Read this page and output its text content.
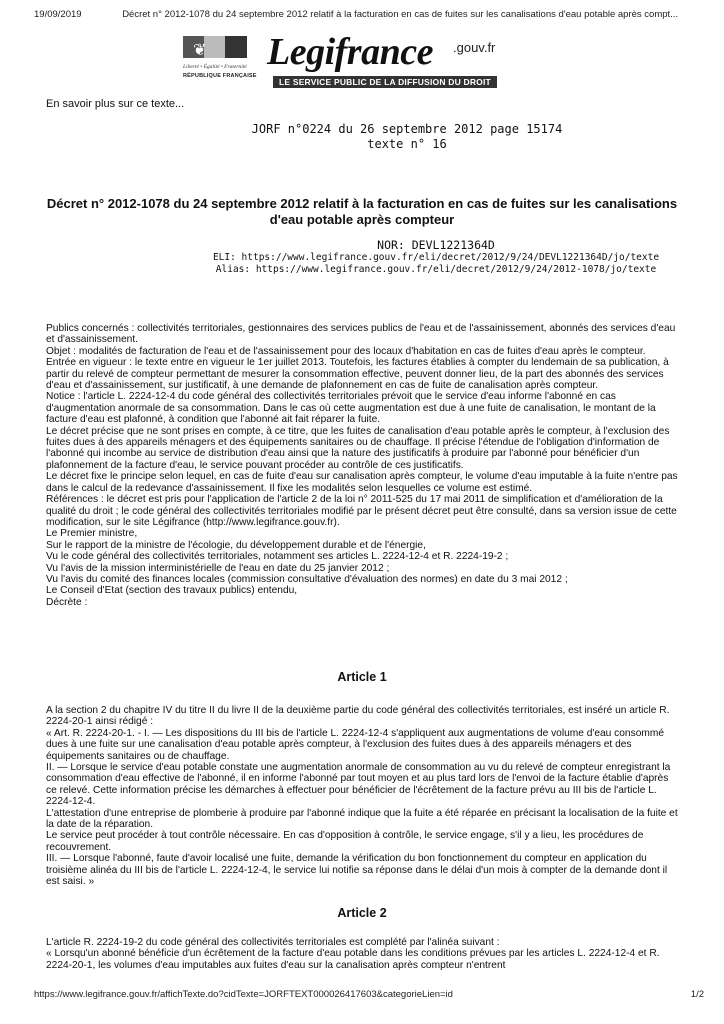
19/09/2019	Décret n° 2012-1078 du 24 septembre 2012 relatif à la facturation en cas de fuites sur les canalisations d'eau potable après compt...
❦
Liberté • Égalité • Fraternité
RÉPUBLIQUE FRANÇAISE
Legifrance .gouv.fr
LE SERVICE PUBLIC DE LA DIFFUSION DU DROIT
En savoir plus sur ce texte...
JORF n°0224 du 26 septembre 2012 page 15174
texte n° 16
Décret n° 2012-1078 du 24 septembre 2012 relatif à la facturation en cas de fuites sur les canalisations d'eau potable après compteur
NOR: DEVL1221364D
ELI: https://www.legifrance.gouv.fr/eli/decret/2012/9/24/DEVL1221364D/jo/texte
Alias: https://www.legifrance.gouv.fr/eli/decret/2012/9/24/2012-1078/jo/texte

Publics concernés : collectivités territoriales, gestionnaires des services publics de l'eau et de l'assainissement, abonnés des services d'eau et d'assainissement.

Objet : modalités de facturation de l'eau et de l'assainissement pour des locaux d'habitation en cas de fuites d'eau après le compteur.

Entrée en vigueur : le texte entre en vigueur le 1er juillet 2013. Toutefois, les factures établies à compter du lendemain de sa publication, à partir du relevé de compteur permettant de mesurer la consommation effective, peuvent donner lieu, de la part des abonnés des services d'eau et d'assainissement, sur justificatif, à une demande de plafonnement en cas de fuite de canalisation après compteur.

Notice : l'article L. 2224-12-4 du code général des collectivités territoriales prévoit que le service d'eau informe l'abonné en cas d'augmentation anormale de sa consommation. Dans le cas où cette augmentation est due à une fuite de canalisation, le montant de la facture d'eau est plafonné, à condition que l'abonné ait fait réparer la fuite.

Le décret précise que ne sont prises en compte, à ce titre, que les fuites de canalisation d'eau potable après le compteur, à l'exclusion des fuites dues à des appareils ménagers et des équipements sanitaires ou de chauffage. Il précise l'étendue de l'obligation d'information de l'abonné qui incombe au service de distribution d'eau ainsi que la nature des justificatifs à produire par l'abonné pour bénéficier d'un plafonnement de la facture d'eau, le service pouvant procéder au contrôle de ces justificatifs.

Le décret fixe le principe selon lequel, en cas de fuite d'eau sur canalisation après compteur, le volume d'eau imputable à la fuite n'entre pas dans le calcul de la redevance d'assainissement. Il fixe les modalités selon lesquelles ce volume est estimé.

Références : le décret est pris pour l'application de l'article 2 de la loi n° 2011-525 du 17 mai 2011 de simplification et d'amélioration de la qualité du droit ; le code général des collectivités territoriales modifié par le présent décret peut être consulté, dans sa version issue de cette modification, sur le site Légifrance (http://www.legifrance.gouv.fr).

Le Premier ministre,

Sur le rapport de la ministre de l'écologie, du développement durable et de l'énergie,

Vu le code général des collectivités territoriales, notamment ses articles L. 2224-12-4 et R. 2224-19-2 ;

Vu l'avis de la mission interministérielle de l'eau en date du 25 janvier 2012 ;

Vu l'avis du comité des finances locales (commission consultative d'évaluation des normes) en date du 3 mai 2012 ;

Le Conseil d'Etat (section des travaux publics) entendu,

Décrète :

Article 1

A la section 2 du chapitre IV du titre II du livre II de la deuxième partie du code général des collectivités territoriales, est inséré un article R. 2224-20-1 ainsi rédigé :

« Art. R. 2224-20-1. - I. — Les dispositions du III bis de l'article L. 2224-12-4 s'appliquent aux augmentations de volume d'eau consommé dues à une fuite sur une canalisation d'eau potable après compteur, à l'exclusion des fuites dues à des appareils ménagers et des équipements sanitaires ou de chauffage.

II. — Lorsque le service d'eau potable constate une augmentation anormale de consommation au vu du relevé de compteur enregistrant la consommation d'eau effective de l'abonné, il en informe l'abonné par tout moyen et au plus tard lors de l'envoi de la facture établie d'après ce relevé. Cette information précise les démarches à effectuer pour bénéficier de l'écrêtement de la facture prévu au III bis de l'article L. 2224-12-4.

L'attestation d'une entreprise de plomberie à produire par l'abonné indique que la fuite a été réparée en précisant la localisation de la fuite et la date de la réparation.

Le service peut procéder à tout contrôle nécessaire. En cas d'opposition à contrôle, le service engage, s'il y a lieu, les procédures de recouvrement.

III. — Lorsque l'abonné, faute d'avoir localisé une fuite, demande la vérification du bon fonctionnement du compteur en application du troisième alinéa du III bis de l'article L. 2224-12-4, le service lui notifie sa réponse dans le délai d'un mois à compter de la demande dont il est saisi. »

Article 2

L'article R. 2224-19-2 du code général des collectivités territoriales est complété par l'alinéa suivant :

« Lorsqu'un abonné bénéficie d'un écrêtement de la facture d'eau potable dans les conditions prévues par les articles L. 2224-12-4 et R. 2224-20-1, les volumes d'eau imputables aux fuites d'eau sur la canalisation après compteur n'entrent

https://www.legifrance.gouv.fr/affichTexte.do?cidTexte=JORFTEXT000026417603&categorieLien=id	1/2
